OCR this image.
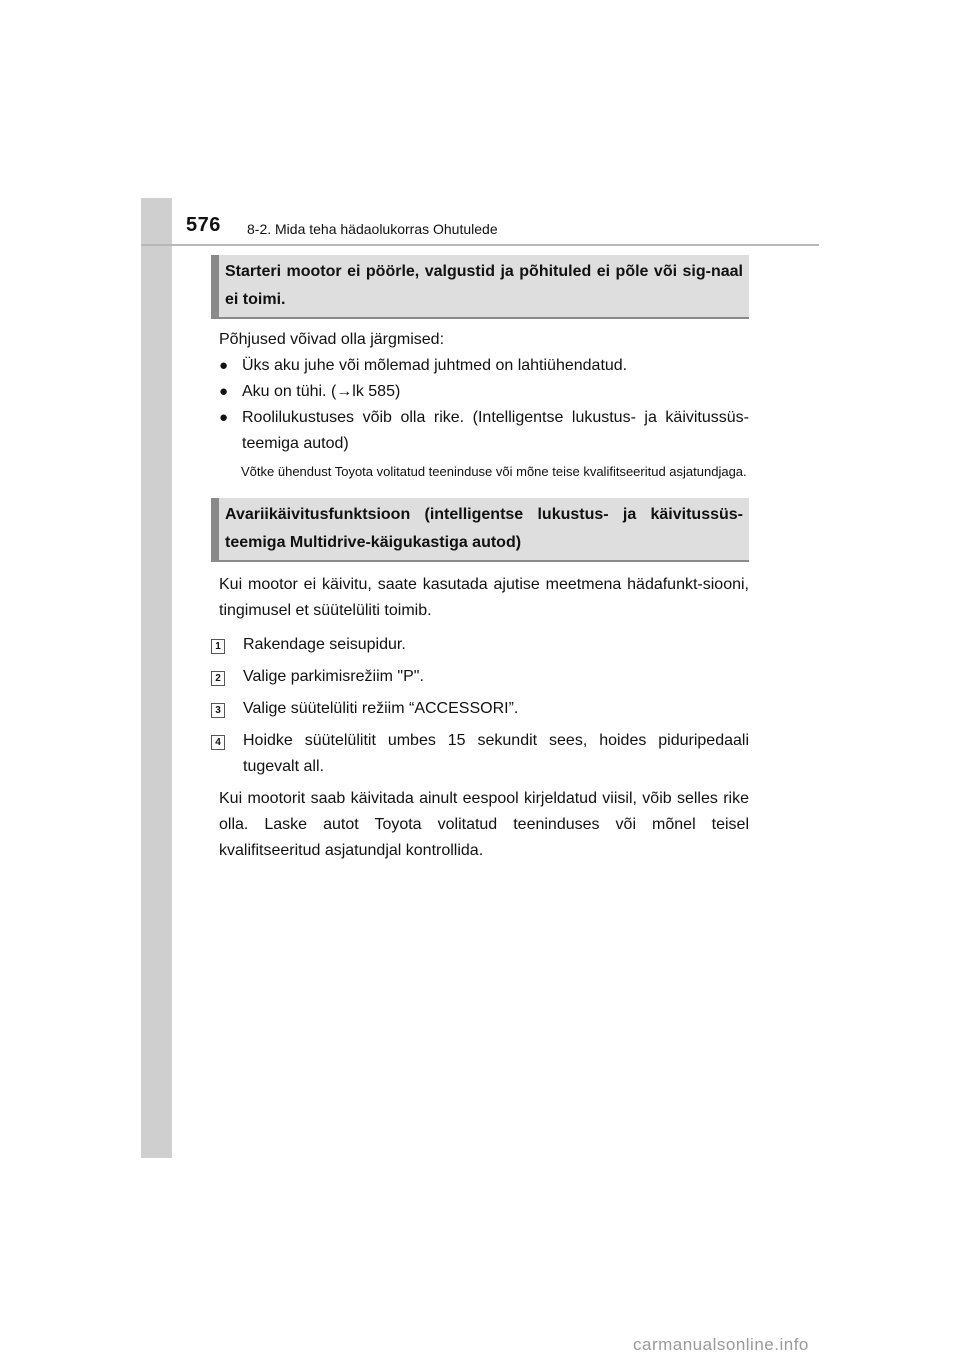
576 8-2. Mida teha hädaolukorras Ohutulede
Starteri mootor ei pöörle, valgustid ja põhituled ei põle või sig-naal ei toimi.
Põhjused võivad olla järgmised:
● Üks aku juhe või mõlemad juhtmed on lahtiühendatud.
● Aku on tühi. (→lk 585)
● Roolilukustuses võib olla rike. (Intelligentse lukustus- ja käivitussüs-teemiga autod)
Võtke ühendust Toyota volitatud teeninduse või mõne teise kvalifitseeritud asjatundjaga.
Avariikäivitusfunktsioon (intelligentse lukustus- ja käivitussüs-teemiga Multidrive-käigukastiga autod)
Kui mootor ei käivitu, saate kasutada ajutise meetmena hädafunkt-siooni, tingimusel et süütelüliti toimib.
1 Rakendage seisupidur.
2 Valige parkimisrežiim "P".
3 Valige süütelüliti režiim “ACCESSORI”.
4 Hoidke süütelülitit umbes 15 sekundit sees, hoides piduripedaali tugevalt all.
Kui mootorit saab käivitada ainult eespool kirjeldatud viisil, võib selles rike olla. Laske autot Toyota volitatud teeninduses või mõnel teisel kvalifitseeritud asjatundjal kontrollida.
carmanualsonline.info
